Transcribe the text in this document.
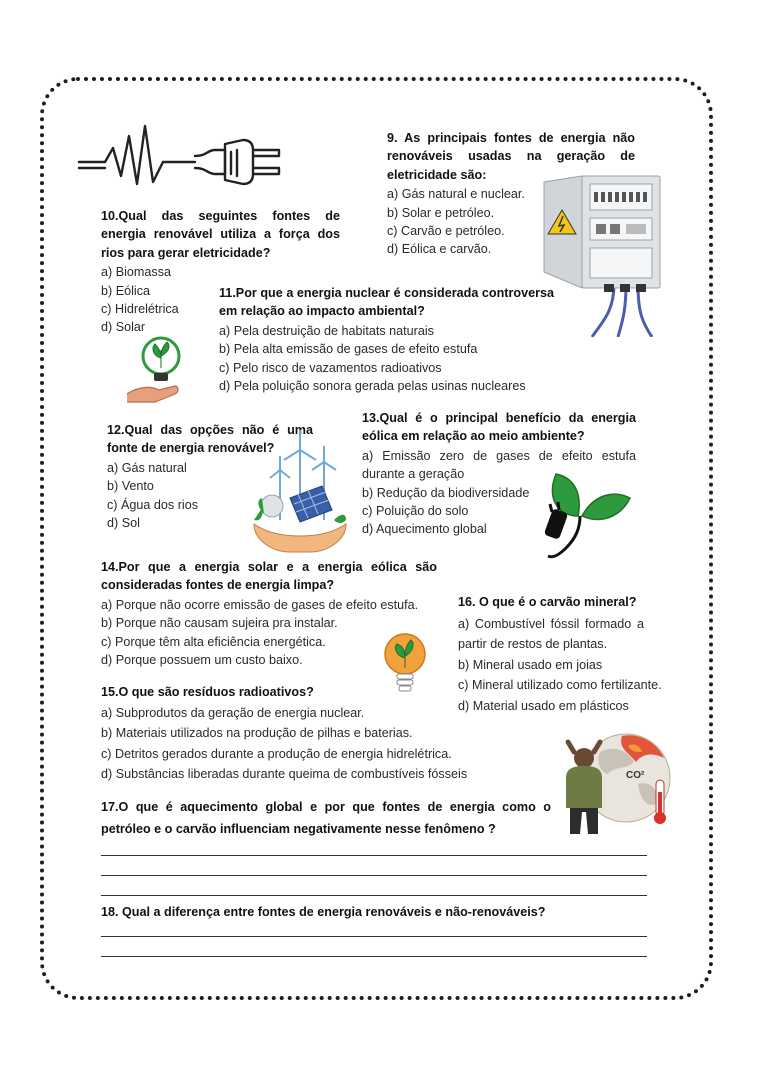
9. As principais fontes de energia não renováveis usadas na geração de eletricidade são:
a) Gás natural e nuclear.
b) Solar e petróleo.
c) Carvão e petróleo.
d) Eólica e carvão.
10.Qual das seguintes fontes de energia renovável utiliza a força dos rios para gerar eletricidade?
a) Biomassa
b) Eólica
c) Hidrelétrica
d) Solar
11.Por que a energia nuclear é considerada controversa em relação ao impacto ambiental?
a) Pela destruição de habitats naturais
b) Pela alta emissão de gases de efeito estufa
c) Pelo risco de vazamentos radioativos
d) Pela poluição sonora gerada pelas usinas nucleares
12.Qual das opções não é uma fonte de energia renovável?
a) Gás natural
b) Vento
c) Água dos rios
d) Sol
13.Qual é o principal benefício da energia eólica em relação ao meio ambiente?
a) Emissão zero de gases de efeito estufa durante a geração
b) Redução da biodiversidade
c) Poluição do solo
d) Aquecimento global
14.Por que a energia solar e a energia eólica são consideradas fontes de energia limpa?
a) Porque não ocorre emissão de gases de efeito estufa.
b) Porque não causam sujeira pra instalar.
c) Porque têm alta eficiência energética.
d) Porque possuem um custo baixo.
16. O que é o carvão mineral?
a) Combustível fóssil formado a partir de restos de plantas.
b) Mineral usado em joias
c) Mineral utilizado como fertilizante.
d) Material usado em plásticos
15.O que são resíduos radioativos?
a) Subprodutos da geração de energia nuclear.
b) Materiais utilizados na produção de pilhas e baterias.
c) Detritos gerados durante a produção de energia hidrelétrica.
d) Substâncias liberadas durante queima de combustíveis fósseis	CO²
17.O que é aquecimento global e por que fontes de energia como o petróleo e o carvão influenciam negativamente nesse fenômeno ?
18. Qual a diferença entre fontes de energia renováveis e não-renováveis?
